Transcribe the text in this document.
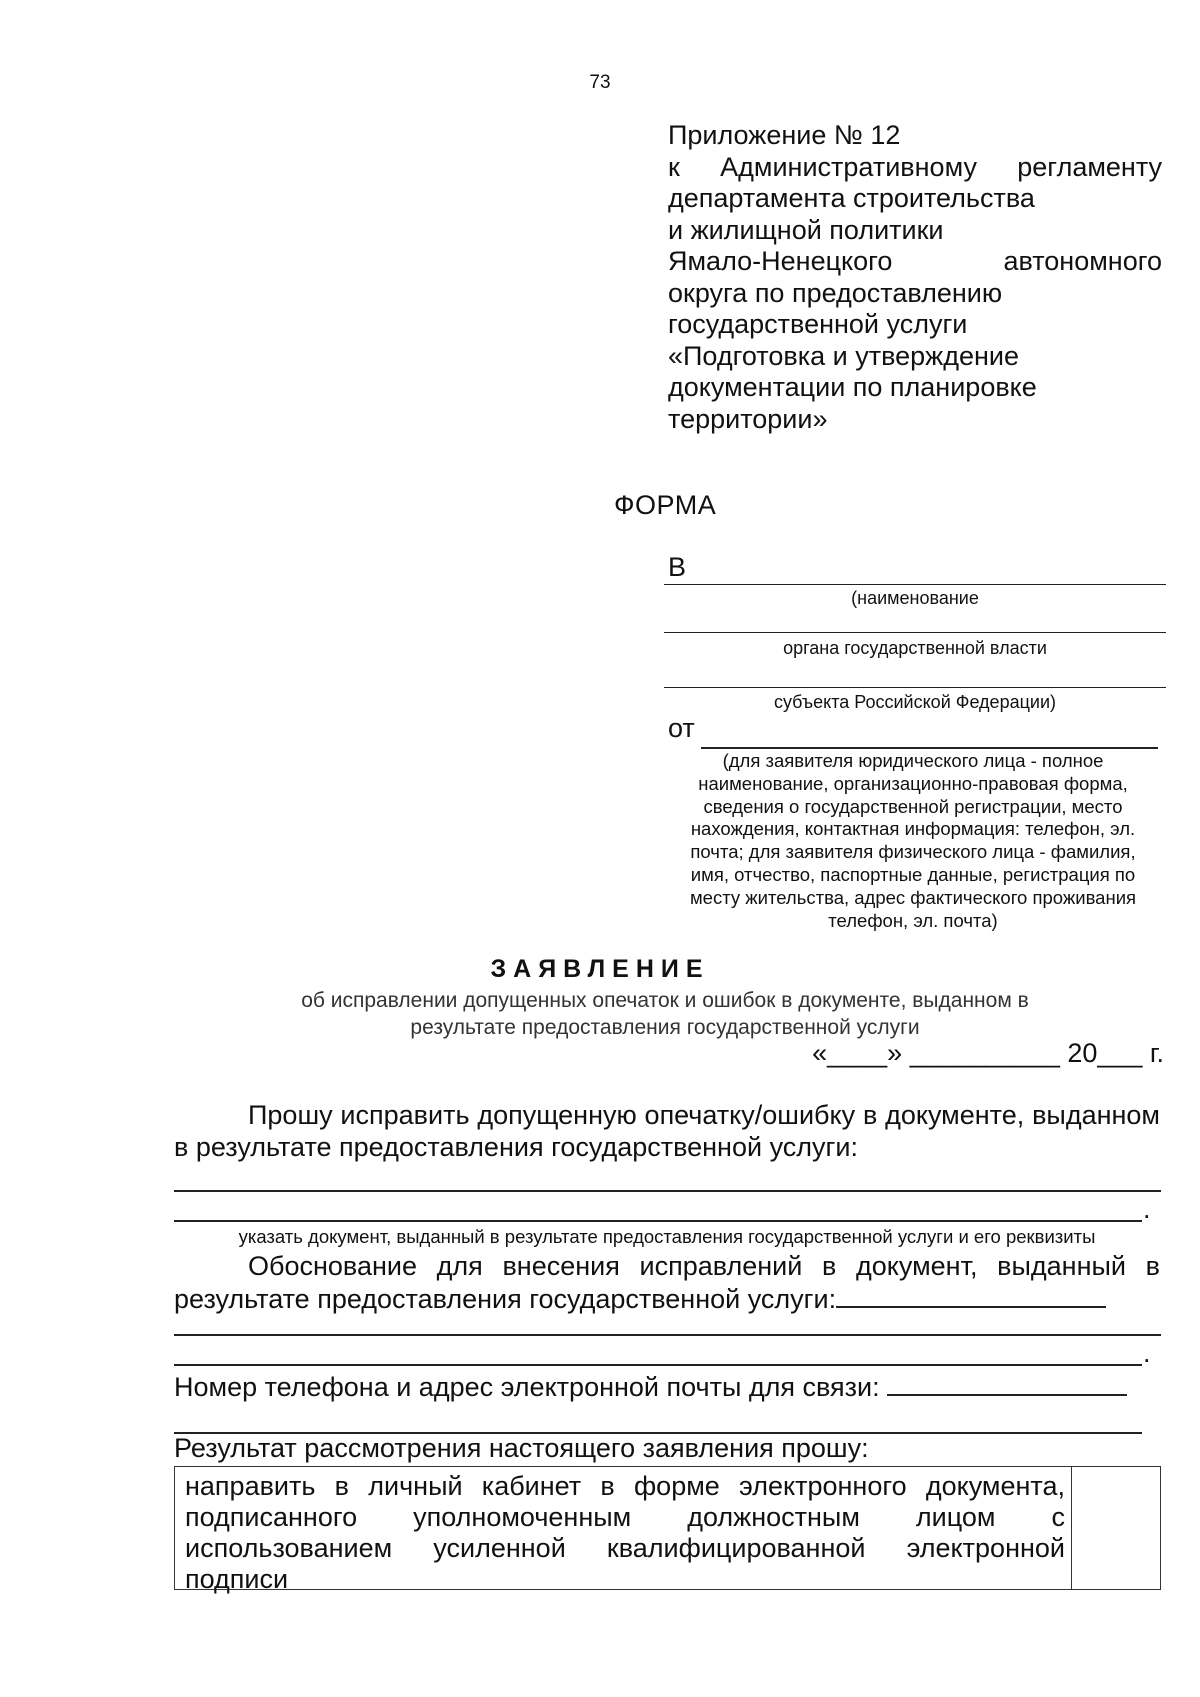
73
Приложение № 12
к Административному регламенту
департамента строительства
и жилищной политики
Ямало-Ненецкого автономного
округа по предоставлению
государственной услуги
«Подготовка и утверждение
документации по планировке
территории»
ФОРМА
В
(наименование
органа государственной власти
субъекта Российской Федерации)
от
(для заявителя юридического лица - полное
наименование, организационно-правовая форма,
сведения о государственной регистрации, место
нахождения, контактная информация: телефон, эл.
почта; для заявителя физического лица - фамилия,
имя, отчество, паспортные данные, регистрация по
месту жительства, адрес фактического проживания
телефон, эл. почта)
ЗАЯВЛЕНИЕ
об исправлении допущенных опечаток и ошибок в документе, выданном в
результате предоставления государственной услуги
«____» __________ 20___ г.
Прошу исправить допущенную опечатку/ошибку в документе, выданном в результате предоставления государственной услуги:
.
указать документ, выданный в результате предоставления государственной услуги и его реквизиты
Обоснование для внесения исправлений в документ, выданный в результате предоставления государственной услуги:
.
Номер телефона и адрес электронной почты для связи:
Результат рассмотрения настоящего заявления прошу:
направить в личный кабинет в форме электронного документа, подписанного уполномоченным должностным лицом с использованием усиленной квалифицированной электронной подписи
